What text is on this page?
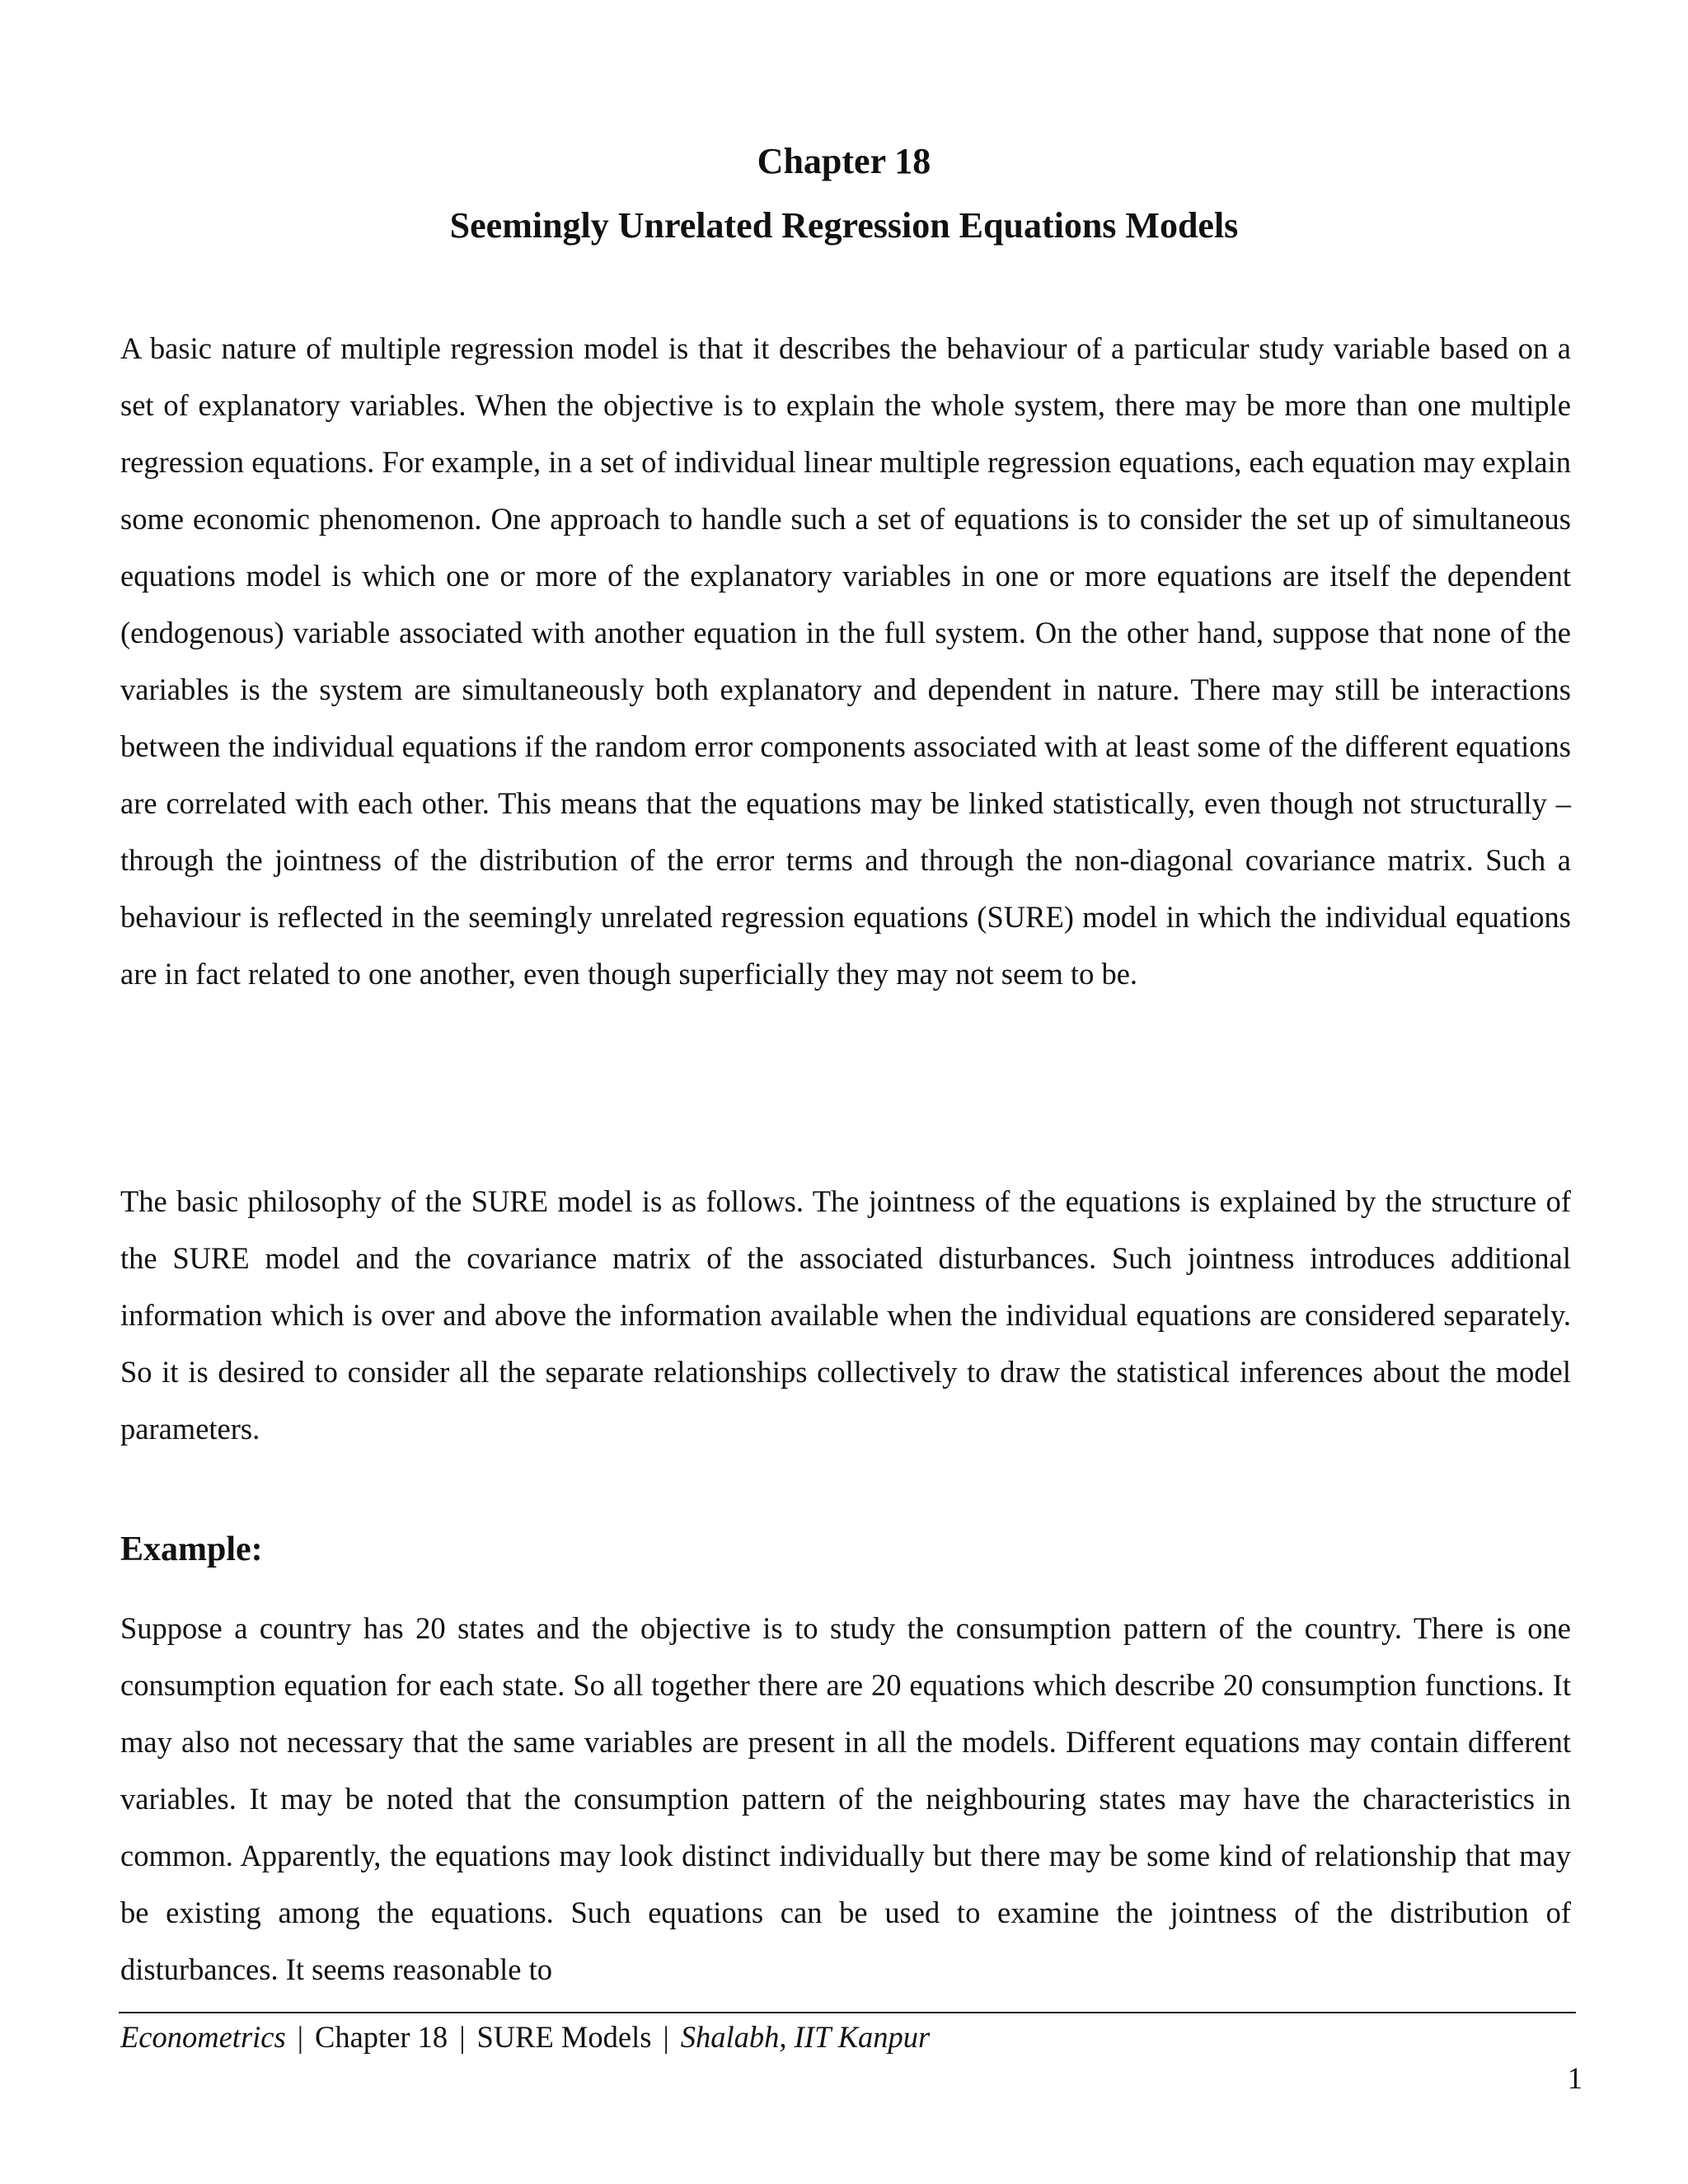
Chapter 18
Seemingly Unrelated Regression Equations Models

A basic nature of multiple regression model is that it describes the behaviour of a particular study variable based on a set of explanatory variables. When the objective is to explain the whole system, there may be more than one multiple regression equations. For example, in a set of individual linear multiple regression equations, each equation may explain some economic phenomenon. One approach to handle such a set of equations is to consider the set up of simultaneous equations model is which one or more of the explanatory variables in one or more equations are itself the dependent (endogenous) variable associated with another equation in the full system. On the other hand, suppose that none of the variables is the system are simultaneously both explanatory and dependent in nature. There may still be interactions between the individual equations if the random error components associated with at least some of the different equations are correlated with each other. This means that the equations may be linked statistically, even though not structurally – through the jointness of the distribution of the error terms and through the non-diagonal covariance matrix. Such a behaviour is reflected in the seemingly unrelated regression equations (SURE) model in which the individual equations are in fact related to one another, even though superficially they may not seem to be.

The basic philosophy of the SURE model is as follows. The jointness of the equations is explained by the structure of the SURE model and the covariance matrix of the associated disturbances. Such jointness introduces additional information which is over and above the information available when the individual equations are considered separately. So it is desired to consider all the separate relationships collectively to draw the statistical inferences about the model parameters.

Example:

Suppose a country has 20 states and the objective is to study the consumption pattern of the country. There is one consumption equation for each state. So all together there are 20 equations which describe 20 consumption functions. It may also not necessary that the same variables are present in all the models. Different equations may contain different variables. It may be noted that the consumption pattern of the neighbouring states may have the characteristics in common. Apparently, the equations may look distinct individually but there may be some kind of relationship that may be existing among the equations. Such equations can be used to examine the jointness of the distribution of disturbances. It seems reasonable to

Econometrics | Chapter 18 | SURE Models | Shalabh, IIT Kanpur
1
